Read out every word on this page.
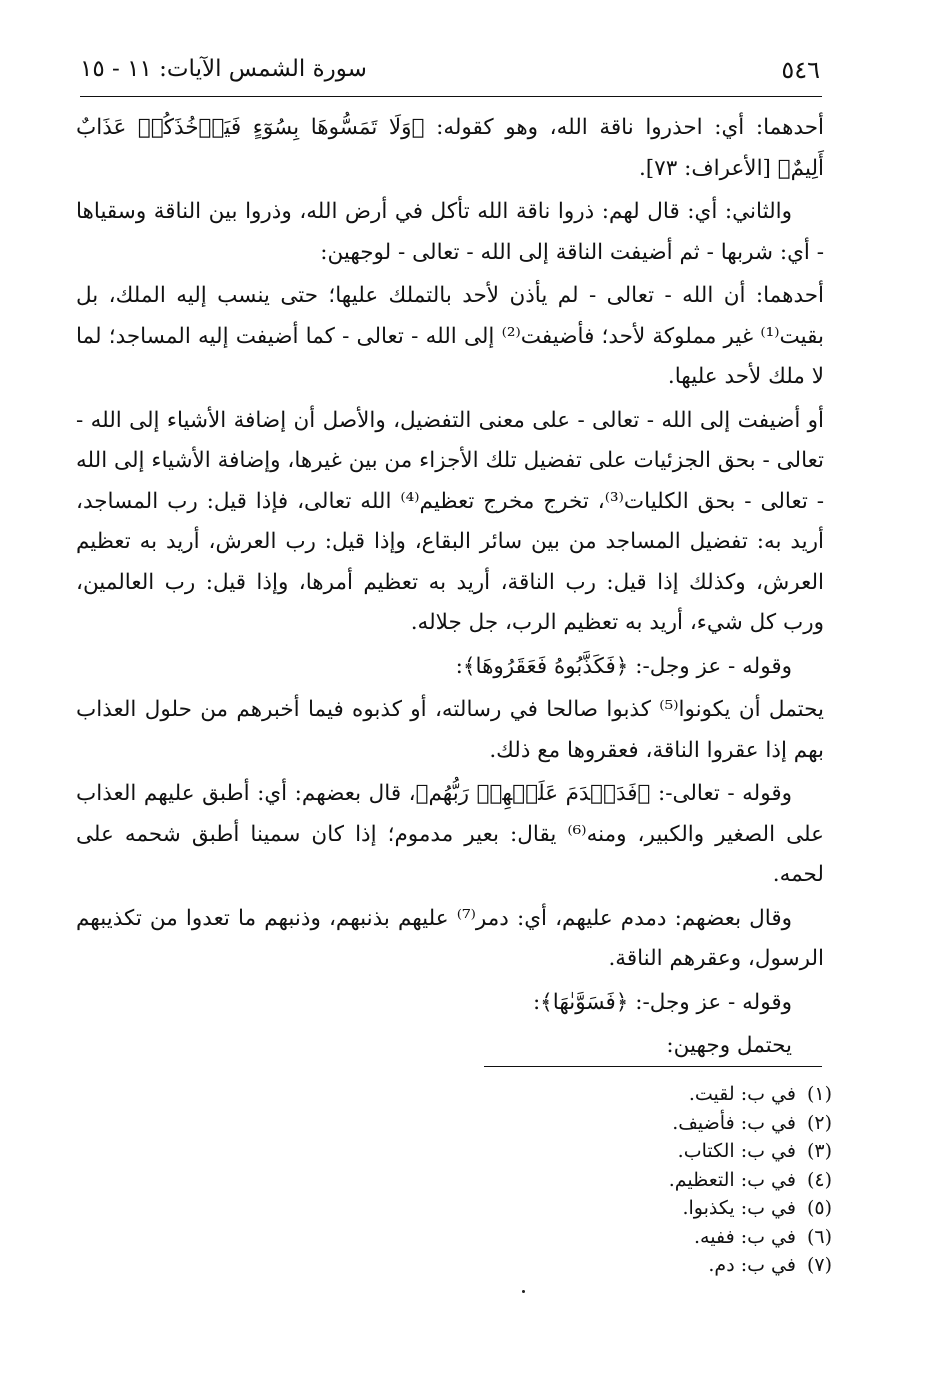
٥٤٦
سورة الشمس الآيات: ١١ - ١٥

أحدهما: أي: احذروا ناقة الله، وهو كقوله: ﴿وَلَا تَمَسُّوهَا بِسُوٓءٍ فَيَأۡخُذَكُمۡ عَذَابٌ أَلِيمٌ﴾ [الأعراف: ٧٣].

والثاني: أي: قال لهم: ذروا ناقة الله تأكل في أرض الله، وذروا بين الناقة وسقياها - أي: شربها - ثم أضيفت الناقة إلى الله - تعالى - لوجهين:

أحدهما: أن الله - تعالى - لم يأذن لأحد بالتملك عليها؛ حتى ينسب إليه الملك، بل بقيت⁽¹⁾ غير مملوكة لأحد؛ فأضيفت⁽²⁾ إلى الله - تعالى - كما أضيفت إليه المساجد؛ لما لا ملك لأحد عليها.

أو أضيفت إلى الله - تعالى - على معنى التفضيل، والأصل أن إضافة الأشياء إلى الله - تعالى - بحق الجزئيات على تفضيل تلك الأجزاء من بين غيرها، وإضافة الأشياء إلى الله - تعالى - بحق الكليات⁽³⁾، تخرج مخرج تعظيم⁽⁴⁾ الله تعالى، فإذا قيل: رب المساجد، أريد به: تفضيل المساجد من بين سائر البقاع، وإذا قيل: رب العرش، أريد به تعظيم العرش، وكذلك إذا قيل: رب الناقة، أريد به تعظيم أمرها، وإذا قيل: رب العالمين، ورب كل شيء، أريد به تعظيم الرب، جل جلاله.

وقوله - عز وجل-: ﴿فَكَذَّبُوهُ فَعَقَرُوهَا﴾:

يحتمل أن يكونوا⁽⁵⁾ كذبوا صالحا في رسالته، أو كذبوه فيما أخبرهم من حلول العذاب بهم إذا عقروا الناقة، فعقروها مع ذلك.

وقوله - تعالى-: ﴿فَدَمۡدَمَ عَلَيۡهِمۡ رَبُّهُم﴾، قال بعضهم: أي: أطبق عليهم العذاب على الصغير والكبير، ومنه⁽⁶⁾ يقال: بعير مدموم؛ إذا كان سمينا أطبق شحمه على لحمه.

وقال بعضهم: دمدم عليهم، أي: دمر⁽⁷⁾ عليهم بذنبهم، وذنبهم ما تعدوا من تكذيبهم الرسول، وعقرهم الناقة.

وقوله - عز وجل-: ﴿فَسَوَّىٰهَا﴾:

يحتمل وجهين:

(١) في ب: لقيت.
(٢) في ب: فأضيف.
(٣) في ب: الكتاب.
(٤) في ب: التعظيم.
(٥) في ب: يكذبوا.
(٦) في ب: ففيه.
(٧) في ب: دم.
